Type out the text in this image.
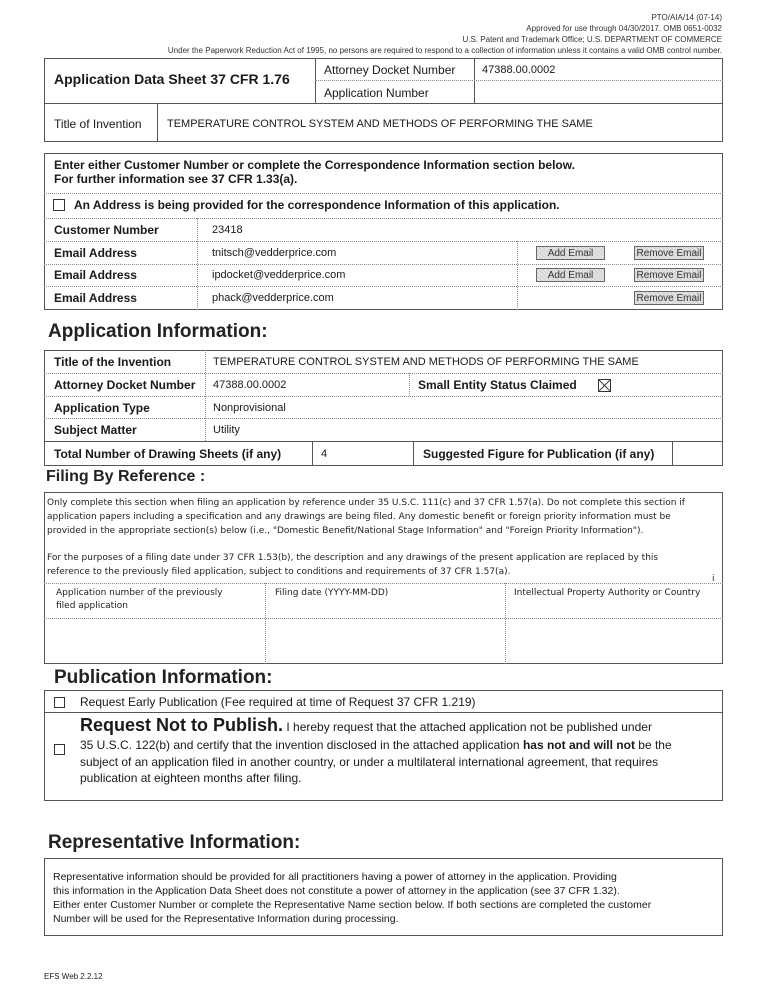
PTO/AIA/14 (07-14)
Approved for use through 04/30/2017. OMB 0651-0032
U.S. Patent and Trademark Office; U.S. DEPARTMENT OF COMMERCE
Under the Paperwork Reduction Act of 1995, no persons are required to respond to a collection of information unless it contains a valid OMB control number.
Application Data Sheet 37 CFR 1.76
Attorney Docket Number 47388.00.0002
Application Number
Title of Invention TEMPERATURE CONTROL SYSTEM AND METHODS OF PERFORMING THE SAME
Enter either Customer Number or complete the Correspondence Information section below.
For further information see 37 CFR 1.33(a).
An Address is being provided for the correspondence Information of this application.
Customer Number	23418
Email Address	tnitsch@vedderprice.com	Add Email	Remove Email
Email Address	ipdocket@vedderprice.com	Add Email	Remove Email
Email Address	phack@vedderprice.com	Remove Email
Application Information:
Title of the Invention	TEMPERATURE CONTROL SYSTEM AND METHODS OF PERFORMING THE SAME
Attorney Docket Number 47388.00.0002	Small Entity Status Claimed
Application Type	Nonprovisional
Subject Matter	Utility
Total Number of Drawing Sheets (if any)	4	Suggested Figure for Publication (if any)
Filing By Reference :
Only complete this section when filing an application by reference under 35 U.S.C. 111(c) and 37 CFR 1.57(a). Do not complete this section if
application papers including a specification and any drawings are being filed. Any domestic benefit or foreign priority information must be
provided in the appropriate section(s) below (i.e., "Domestic Benefit/National Stage Information" and "Foreign Priority Information").
For the purposes of a filing date under 37 CFR 1.53(b), the description and any drawings of the present application are replaced by this
reference to the previously filed application, subject to conditions and requirements of 37 CFR 1.57(a).
i
Application number of the previously
filed application
Filing date (YYYY-MM-DD)	Intellectual Property Authority or Country
Publication Information:
Request Early Publication (Fee required at time of Request 37 CFR 1.219)
Request Not to Publish. I hereby request that the attached application not be published under
35 U.S.C. 122(b) and certify that the invention disclosed in the attached application has not and will not be the
subject of an application filed in another country, or under a multilateral international agreement, that requires
publication at eighteen months after filing.
Representative Information:
Representative information should be provided for all practitioners having a power of attorney in the application. Providing
this information in the Application Data Sheet does not constitute a power of attorney in the application (see 37 CFR 1.32).
Either enter Customer Number or complete the Representative Name section below. If both sections are completed the customer
Number will be used for the Representative Information during processing.
EFS Web 2.2.12
